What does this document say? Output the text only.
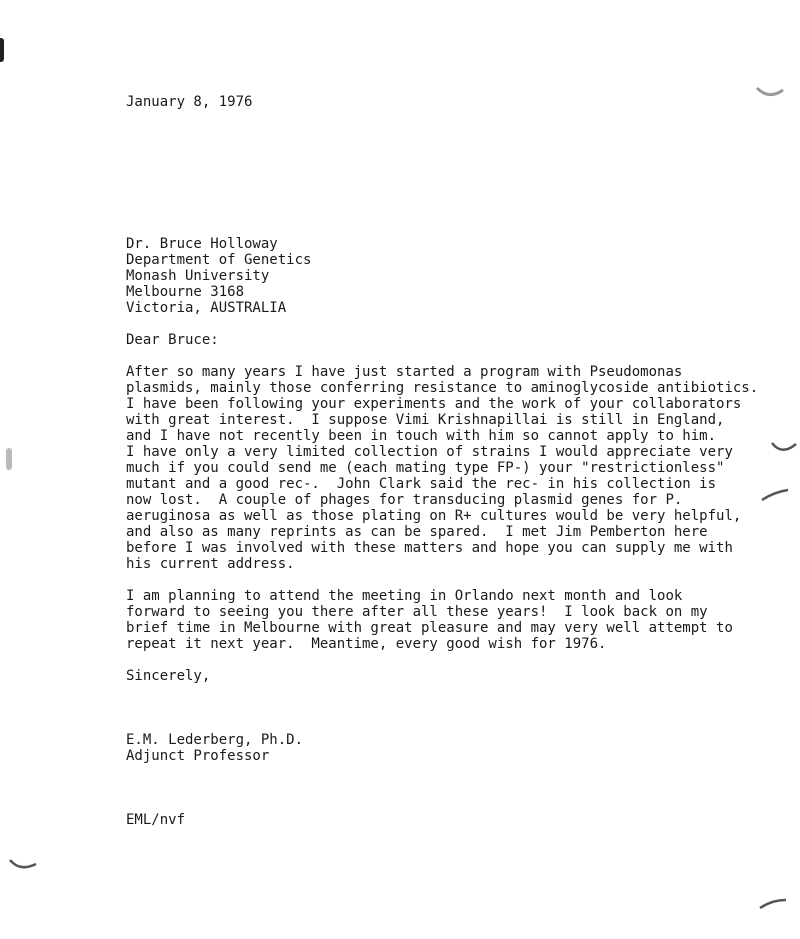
January 8, 1976
Dr. Bruce Holloway
Department of Genetics
Monash University
Melbourne 3168
Victoria, AUSTRALIA
Dear Bruce:
After so many years I have just started a program with Pseudomonas
plasmids, mainly those conferring resistance to aminoglycoside antibiotics.
I have been following your experiments and the work of your collaborators
with great interest.  I suppose Vimi Krishnapillai is still in England,
and I have not recently been in touch with him so cannot apply to him.
I have only a very limited collection of strains I would appreciate very
much if you could send me (each mating type FP-) your "restrictionless"
mutant and a good rec-.  John Clark said the rec- in his collection is
now lost.  A couple of phages for transducing plasmid genes for P.
aeruginosa as well as those plating on R+ cultures would be very helpful,
and also as many reprints as can be spared.  I met Jim Pemberton here
before I was involved with these matters and hope you can supply me with
his current address.
I am planning to attend the meeting in Orlando next month and look
forward to seeing you there after all these years!  I look back on my
brief time in Melbourne with great pleasure and may very well attempt to
repeat it next year.  Meantime, every good wish for 1976.
Sincerely,
E.M. Lederberg, Ph.D.
Adjunct Professor
EML/nvf
